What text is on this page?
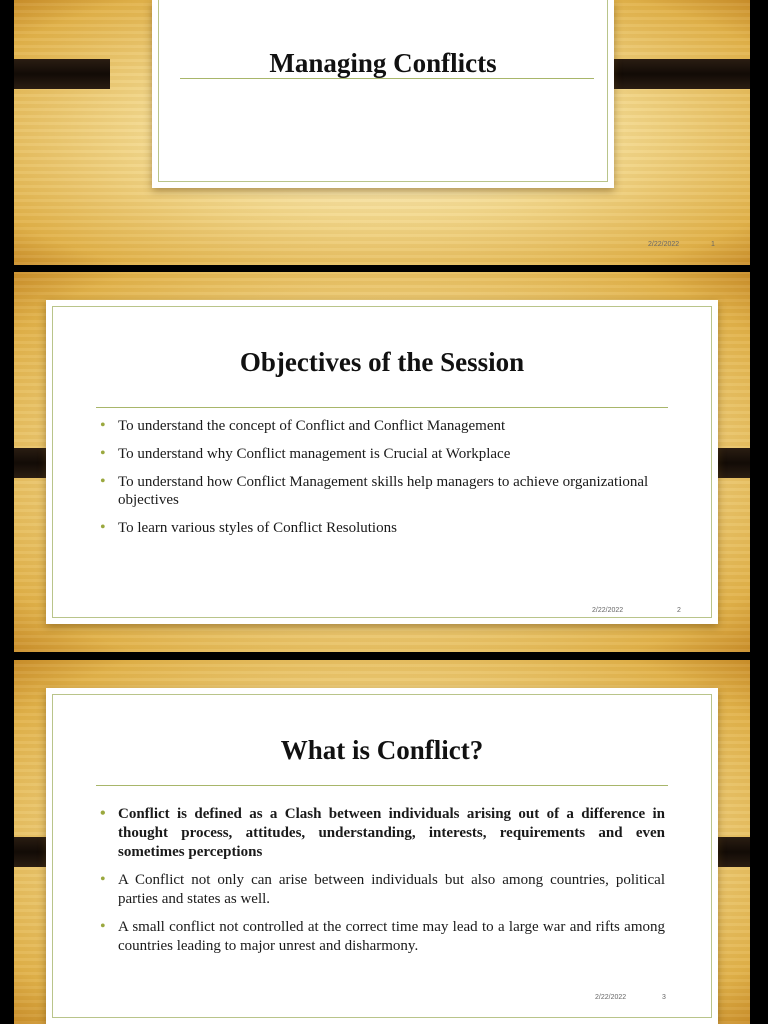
Managing Conflicts
2/22/2022	1
Objectives of the Session
• To understand the concept of Conflict and Conflict Management
• To understand why Conflict management is Crucial at Workplace
• To understand how Conflict Management skills help managers to achieve organizational objectives
• To learn various styles of Conflict Resolutions
2/22/2022	2
What is Conflict?
• Conflict is defined as a Clash between individuals arising out of a difference in thought process, attitudes, understanding, interests, requirements and even sometimes perceptions
• A Conflict not only can arise between individuals but also among countries, political parties and states as well.
• A small conflict not controlled at the correct time may lead to a large war and rifts among countries leading to major unrest and disharmony.
2/22/2022	3
